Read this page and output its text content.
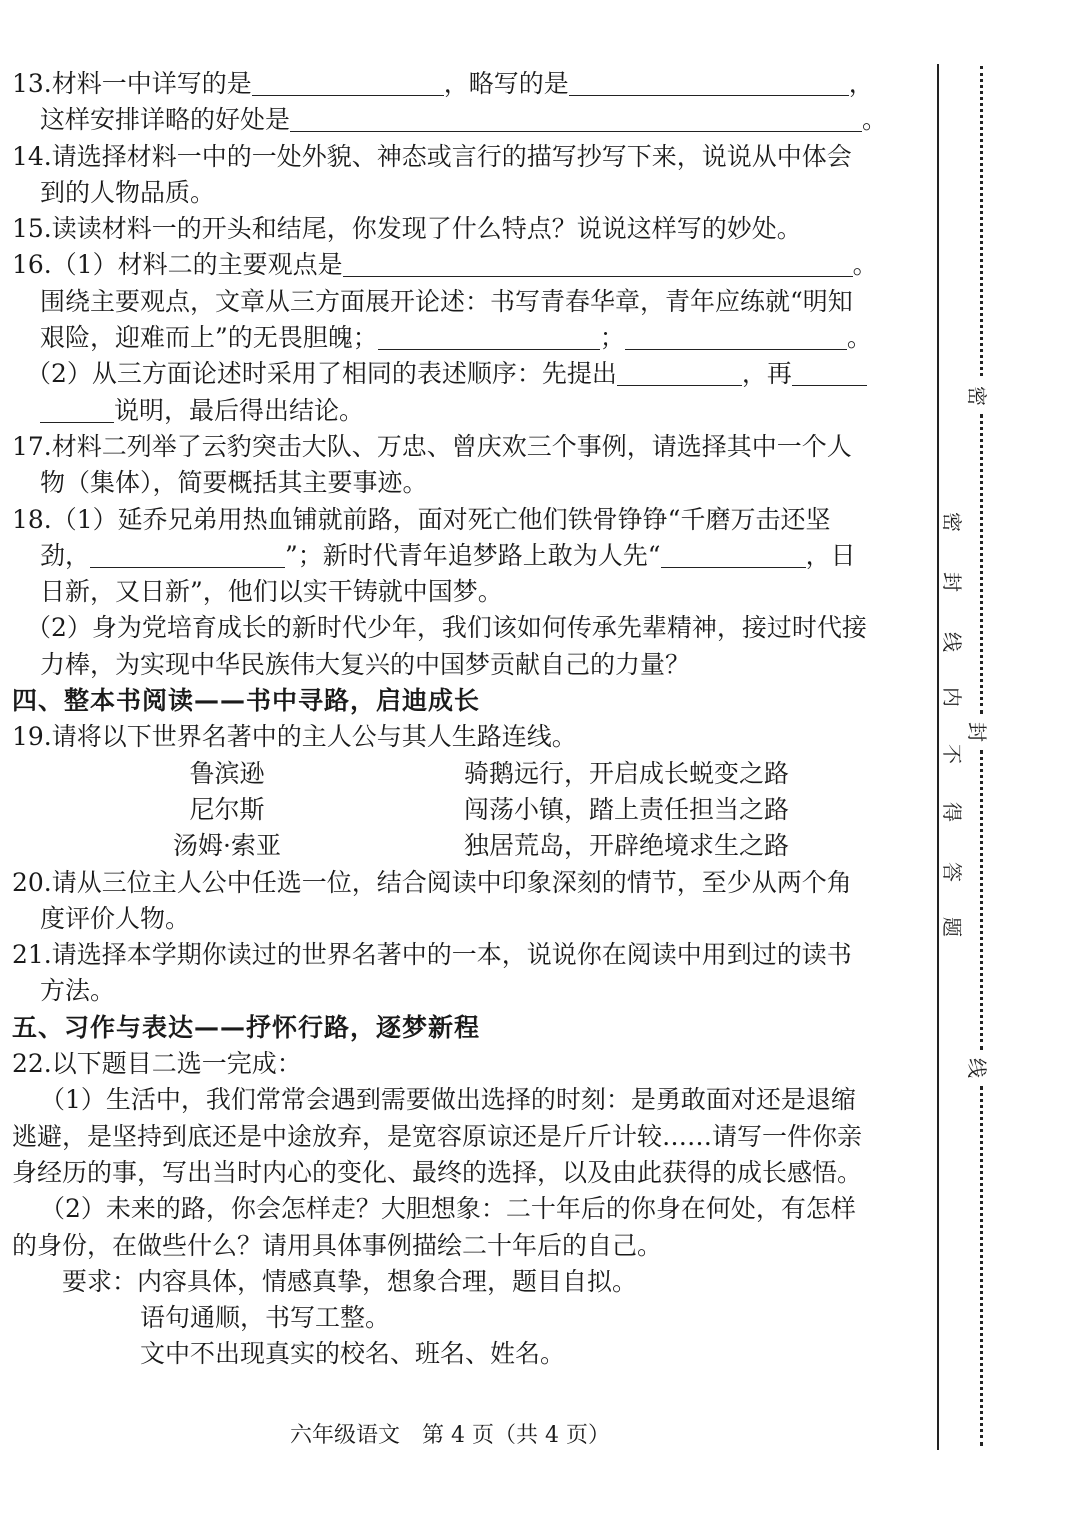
13.材料一中详写的是	，略写的是	，
这样安排详略的好处是	。
14.请选择材料一中的一处外貌、神态或言行的描写抄写下来，说说从中体会
到的人物品质。
15.读读材料一的开头和结尾，你发现了什么特点？说说这样写的妙处。
16.（1）材料二的主要观点是	。
围绕主要观点，文章从三方面展开论述：书写青春华章，青年应练就“明知
艰险，迎难而上”的无畏胆魄；	；	。
（2）从三方面论述时采用了相同的表述顺序：先提出	，再
说明，最后得出结论。
17.材料二列举了云豹突击大队、万忠、曾庆欢三个事例，请选择其中一个人
物（集体），简要概括其主要事迹。
18.（1）延乔兄弟用热血铺就前路，面对死亡他们铁骨铮铮“千磨万击还坚
劲，	”；新时代青年追梦路上敢为人先“	，日
日新，又日新”，他们以实干铸就中国梦。
（2）身为党培育成长的新时代少年，我们该如何传承先辈精神，接过时代接
力棒，为实现中华民族伟大复兴的中国梦贡献自己的力量？
四、整本书阅读——书中寻路，启迪成长
19.请将以下世界名著中的主人公与其人生路连线。
鲁滨逊	骑鹅远行，开启成长蜕变之路
尼尔斯	闯荡小镇，踏上责任担当之路
汤姆·索亚	独居荒岛，开辟绝境求生之路
20.请从三位主人公中任选一位，结合阅读中印象深刻的情节，至少从两个角
度评价人物。
21.请选择本学期你读过的世界名著中的一本，说说你在阅读中用到过的读书
方法。
五、习作与表达——抒怀行路，逐梦新程
22.以下题目二选一完成：
（1）生活中，我们常常会遇到需要做出选择的时刻：是勇敢面对还是退缩
逃避，是坚持到底还是中途放弃，是宽容原谅还是斤斤计较……请写一件你亲
身经历的事，写出当时内心的变化、最终的选择，以及由此获得的成长感悟。
（2）未来的路，你会怎样走？大胆想象：二十年后的你身在何处，有怎样
的身份，在做些什么？请用具体事例描绘二十年后的自己。
要求：内容具体，情感真挚，想象合理，题目自拟。
语句通顺，书写工整。
文中不出现真实的校名、班名、姓名。
六年级语文　第 4 页（共 4 页）
密
封
线
密
封
线
内
不
得
答
题
